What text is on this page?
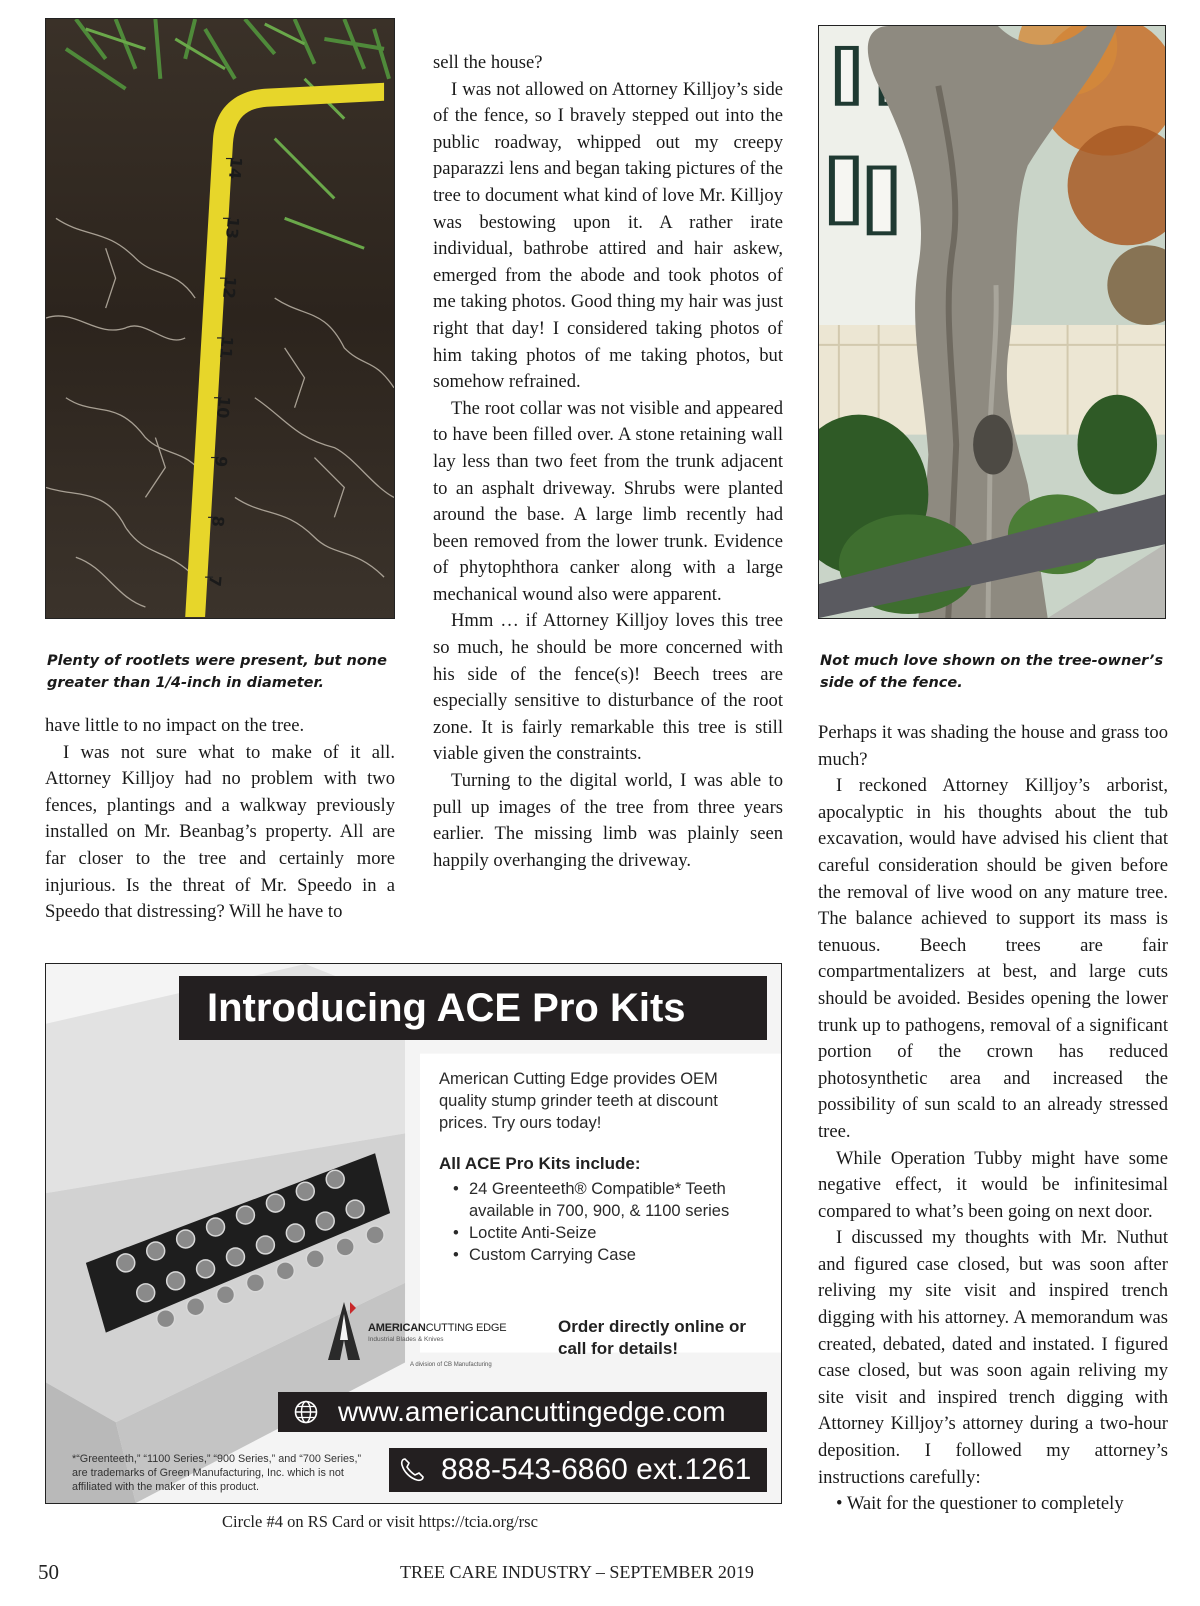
14
13
12
11
10
9
8
7
Plenty of rootlets were present, but none greater than 1/4-inch in diameter.
Not much love shown on the tree-owner’s side of the fence.

have little to no impact on the tree.

I was not sure what to make of it all. Attorney Killjoy had no problem with two fences, plantings and a walkway previously installed on Mr. Beanbag’s property. All are far closer to the tree and certainly more injurious. Is the threat of Mr. Speedo in a Speedo that distressing? Will he have to

sell the house?

I was not allowed on Attorney Killjoy’s side of the fence, so I bravely stepped out into the public roadway, whipped out my creepy paparazzi lens and began taking pictures of the tree to document what kind of love Mr. Killjoy was bestowing upon it. A rather irate individual, bathrobe attired and hair askew, emerged from the abode and took photos of me taking photos. Good thing my hair was just right that day! I considered taking photos of him taking photos of me taking photos, but somehow refrained.

The root collar was not visible and appeared to have been filled over. A stone retaining wall lay less than two feet from the trunk adjacent to an asphalt driveway. Shrubs were planted around the base. A large limb recently had been removed from the lower trunk. Evidence of phytophthora canker along with a large mechanical wound also were apparent.

Hmm … if Attorney Killjoy loves this tree so much, he should be more concerned with his side of the fence(s)! Beech trees are especially sensitive to disturbance of the root zone. It is fairly remarkable this tree is still viable given the constraints.

Turning to the digital world, I was able to pull up images of the tree from three years earlier. The missing limb was plainly seen happily overhanging the driveway.

Perhaps it was shading the house and grass too much?

I reckoned Attorney Killjoy’s arborist, apocalyptic in his thoughts about the tub excavation, would have advised his client that careful consideration should be given before the removal of live wood on any mature tree. The balance achieved to support its mass is tenuous. Beech trees are fair compartmentalizers at best, and large cuts should be avoided. Besides opening the lower trunk up to pathogens, removal of a significant portion of the crown has reduced photosynthetic area and increased the possibility of sun scald to an already stressed tree.

While Operation Tubby might have some negative effect, it would be infinitesimal compared to what’s been going on next door.

I discussed my thoughts with Mr. Nuthut and figured case closed, but was soon after reliving my site visit and inspired trench digging with his attorney. A memorandum was created, debated, dated and instated. I figured case closed, but was soon again reliving my site visit and inspired trench digging with Attorney Killjoy’s attorney during a two-hour deposition. I followed my attorney’s instructions carefully:

• Wait for the questioner to completely

Introducing ACE Pro Kits
American Cutting Edge provides OEM quality stump grinder teeth at discount prices. Try ours today!
All ACE Pro Kits include:
• 24 Greenteeth® Compatible* Teeth available in 700, 900, & 1100 series
• Loctite Anti-Seize
• Custom Carrying Case
AMERICANCUTTING EDGE
Industrial Blades & Knives
A division of CB Manufacturing
Order directly online or call for details!
www.americancuttingedge.com
888-543-6860 ext.1261
*“Greenteeth,” “1100 Series,” “900 Series,” and “700 Series,” are trademarks of Green Manufacturing, Inc. which is not affiliated with the maker of this product.
Circle #4 on RS Card or visit https://tcia.org/rsc
50	TREE CARE INDUSTRY – SEPTEMBER 2019
